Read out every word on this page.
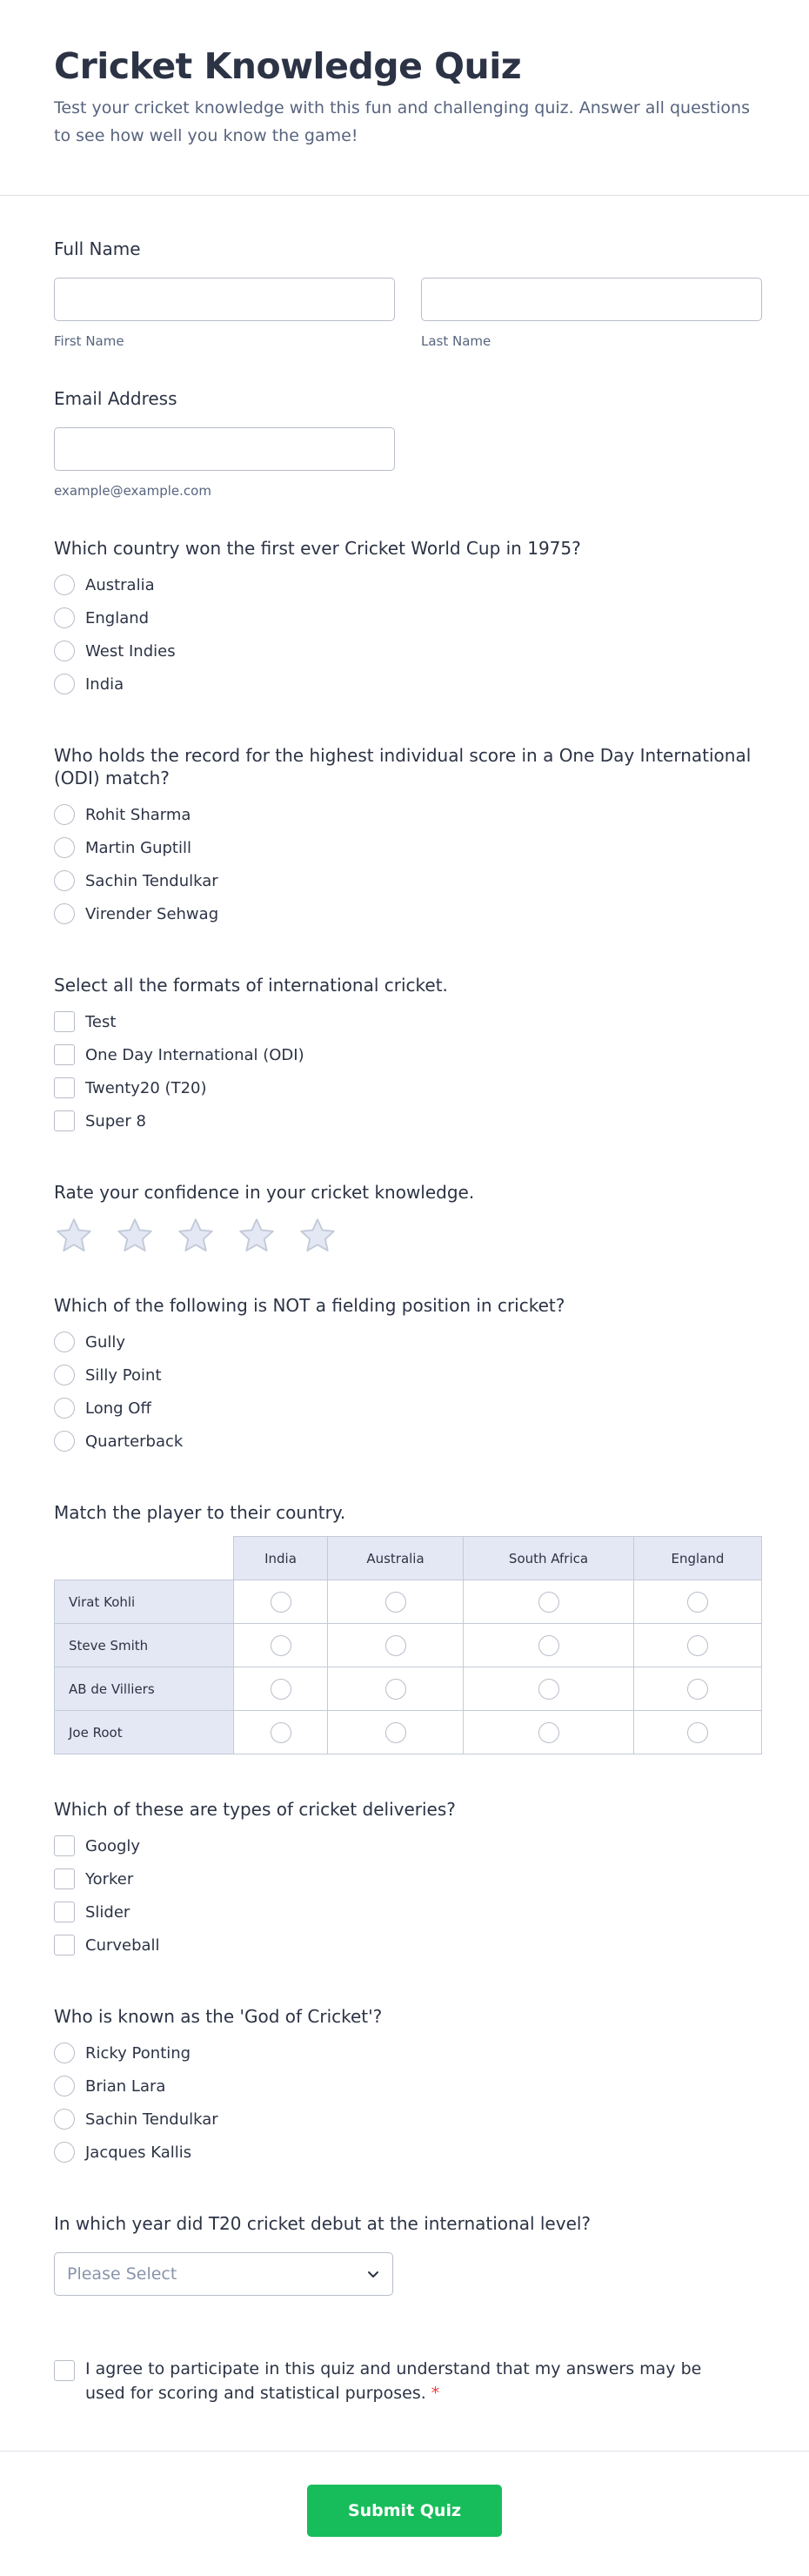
Cricket Knowledge Quiz

Test your cricket knowledge with this fun and challenging quiz. Answer all questions to see how well you know the game!

Full Name
First Name	Last Name
Email Address
example@example.com
Which country won the first ever Cricket World Cup in 1975?
Australia
England
West Indies
India
Who holds the record for the highest individual score in a One Day International (ODI) match?
Rohit Sharma
Martin Guptill
Sachin Tendulkar
Virender Sehwag
Select all the formats of international cricket.
Test
One Day International (ODI)
Twenty20 (T20)
Super 8
Rate your confidence in your cricket knowledge.
Which of the following is NOT a fielding position in cricket?
Gully
Silly Point
Long Off
Quarterback
Match the player to their country.
	India	Australia	South Africa	England
Virat Kohli				
Steve Smith				
AB de Villiers				
Joe Root				
Which of these are types of cricket deliveries?
Googly
Yorker
Slider
Curveball
Who is known as the 'God of Cricket'?
Ricky Ponting
Brian Lara
Sachin Tendulkar
Jacques Kallis
In which year did T20 cricket debut at the international level?
Please Select
I agree to participate in this quiz and understand that my answers may be used for scoring and statistical purposes. *
Submit Quiz
